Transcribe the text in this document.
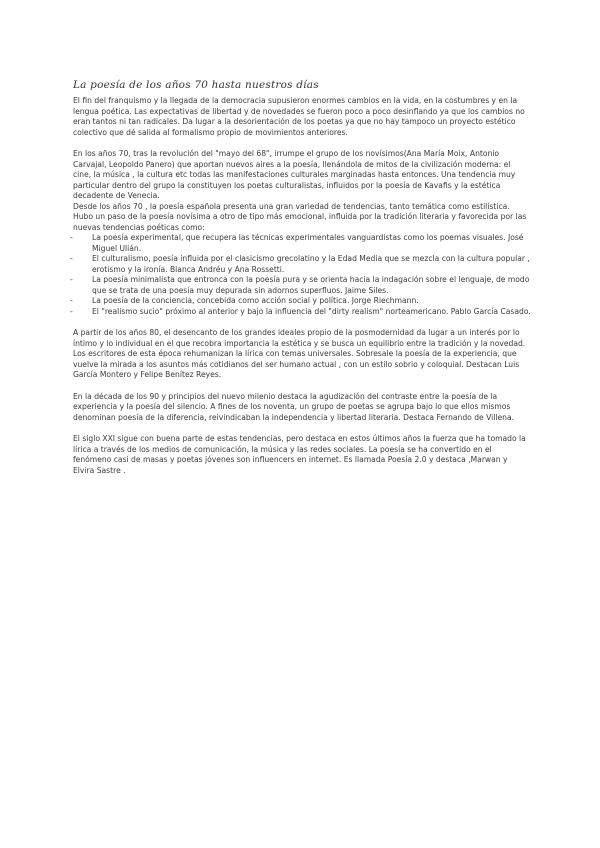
La poesía de los años 70 hasta nuestros días

El fin del franquismo y la llegada de la democracia supusieron enormes cambios en la vida, en la costumbres y en la lengua poética. Las expectativas de libertad y de novedades se fueron poco a poco desinflando ya que los cambios no eran tantos ni tan radicales. Da lugar a la desorientación de los poetas ya que no hay tampoco un proyecto estético colectivo que dé salida al formalismo propio de movimientos anteriores.

En los años 70, tras la revolución del "mayo del 68", irrumpe el grupo de los novísimos(Ana María Moix, Antonio Carvajal, Leopoldo Panero) que aportan nuevos aires a la poesía, llenándola de mitos de la civilización moderna: el cine, la música , la cultura etc todas las manifestaciones culturales marginadas hasta entonces. Una tendencia muy particular dentro del grupo la constituyen los poetas culturalistas, influidos por la poesía de Kavafis y la estética decadente de Venecia.

Desde los años 70 , la poesía española presenta una gran variedad de tendencias, tanto temática como estilística. Hubo un paso de la poesía novísima a otro de tipo más emocional, influida por la tradición literaria y favorecida por las nuevas tendencias poéticas como:

-	La poesía experimental, que recupera las técnicas experimentales vanguardistas como los poemas visuales. José Miguel Ulián.
-	El culturalismo, poesía influida por el clasicismo grecolatino y la Edad Media que se mezcla con la cultura popular , erotismo y la ironía. Blanca Andréu y Ana Rossetti.
-	La poesía minimalista que entronca con la poesía pura y se orienta hacia la indagación sobre el lenguaje, de modo que se trata de una poesía muy depurada sin adornos superfluos. Jaime Siles.
-	La poesía de la conciencia, concebida como acción social y política. Jorge Riechmann.
-	El "realismo sucio" próximo al anterior y bajo la influencia del "dirty realism" norteamericano. Pablo García Casado.

A partir de los años 80, el desencanto de los grandes ideales propio de la posmodernidad da lugar a un interés por lo íntimo y lo individual en el que recobra importancia la estética y se busca un equilibrio entre la tradición y la novedad. Los escritores de esta época rehumanizan la lírica con temas universales. Sobresale la poesía de la experiencia, que vuelve la mirada a los asuntos más cotidianos del ser humano actual , con un estilo sobrio y coloquial. Destacan Luis García Montero y Felipe Benítez Reyes.

En la década de los 90 y principios del nuevo milenio destaca la agudización del contraste entre la poesía de la experiencia y la poesía del silencio. A fines de los noventa, un grupo de poetas se agrupa bajo lo que ellos mismos denominan poesía de la diferencia, reivindicaban la independencia y libertad literaria. Destaca Fernando de Villena.

El siglo XXI sigue con buena parte de estas tendencias, pero destaca en estos últimos años la fuerza que ha tomado la lírica a través de los medios de comunicación, la música y las redes sociales. La poesía se ha convertido en el fenómeno casi de masas y poetas jóvenes son influencers en internet. Es llamada Poesía 2.0 y destaca ,Marwan y Elvira Sastre .
